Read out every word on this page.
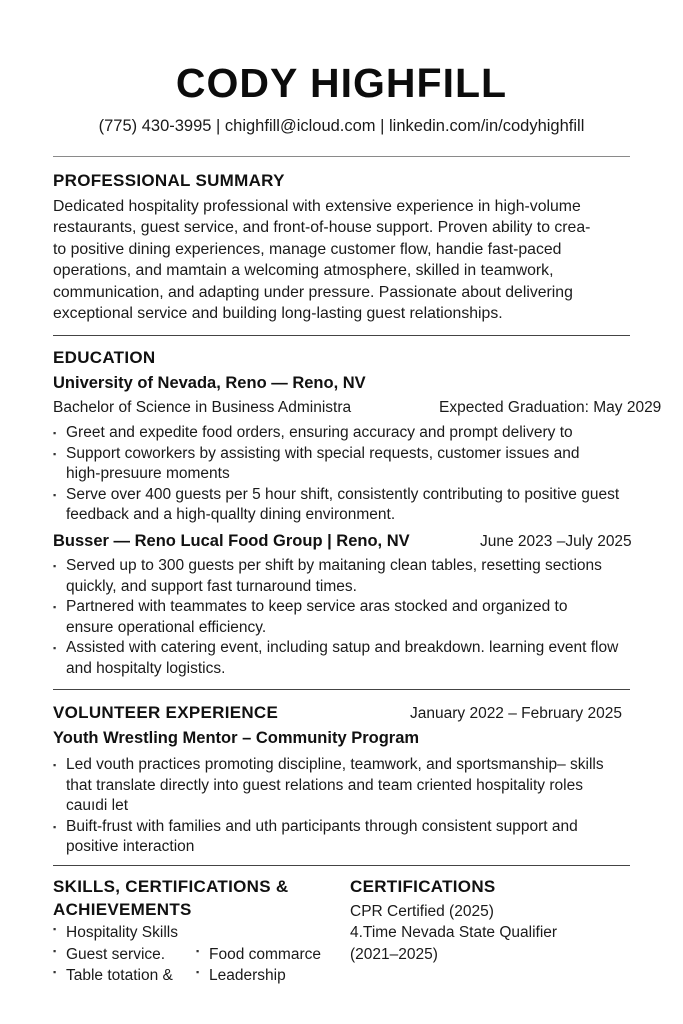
CODY HIGHFILL
(775) 430-3995 | chighfill@icloud.com | linkedin.com/in/codyhighfill
PROFESSIONAL SUMMARY
Dedicated hospitality professional with extensive experience in high-volume
restaurants, guest service, and front-of-house support. Proven ability to crea-
to positive dining experiences, manage customer flow, handie fast-paced
operations, and mamtain a welcoming atmosphere, skilled in teamwork,
communication, and adapting under pressure. Passionate about delivering
exceptional service and building long-lasting guest relationships.
EDUCATION
University of Nevada, Reno — Reno, NV
Bachelor of Science in Business Administra	Expected Graduation: May 2029
▪ Greet and expedite food orders, ensuring accuracy and prompt delivery to
▪ Support coworkers by assisting with special requests, customer issues and high-presuure moments
▪ Serve over 400 guests per 5 hour shift, consistently contributing to positive guest feedback and a high-quallty dining environment.
Busser — Reno Lucal Food Group | Reno, NV	June 2023 –July 2025
▪ Served up to 300 guests per shift by maitaning clean tables, resetting sections quickly, and support fast turnaround times.
▪ Partnered with teammates to keep service aras stocked and organized to ensure operational efficiency.
▪ Assisted with catering event, including satup and breakdown. learning event flow and hospitalty logistics.
VOLUNTEER EXPERIENCE	January 2022 – February 2025
Youth Wrestling Mentor – Community Program
▪ Led vouth practices promoting discipline, teamwork, and sportsmanship– skills that translate directly into guest relations and team criented hospitality roles cauıdi let
▪ Buift-frust with families and uth participants through consistent support and positive interaction
SKILLS, CERTIFICATIONS &
ACHIEVEMENTS
▪ Hospitality Skills
▪ Guest service.	▪ Food commarce
▪ Table totation &	▪ Leadership
CERTIFICATIONS
CPR Certified (2025)
4.Time Nevada State Qualifier
(2021–2025)
